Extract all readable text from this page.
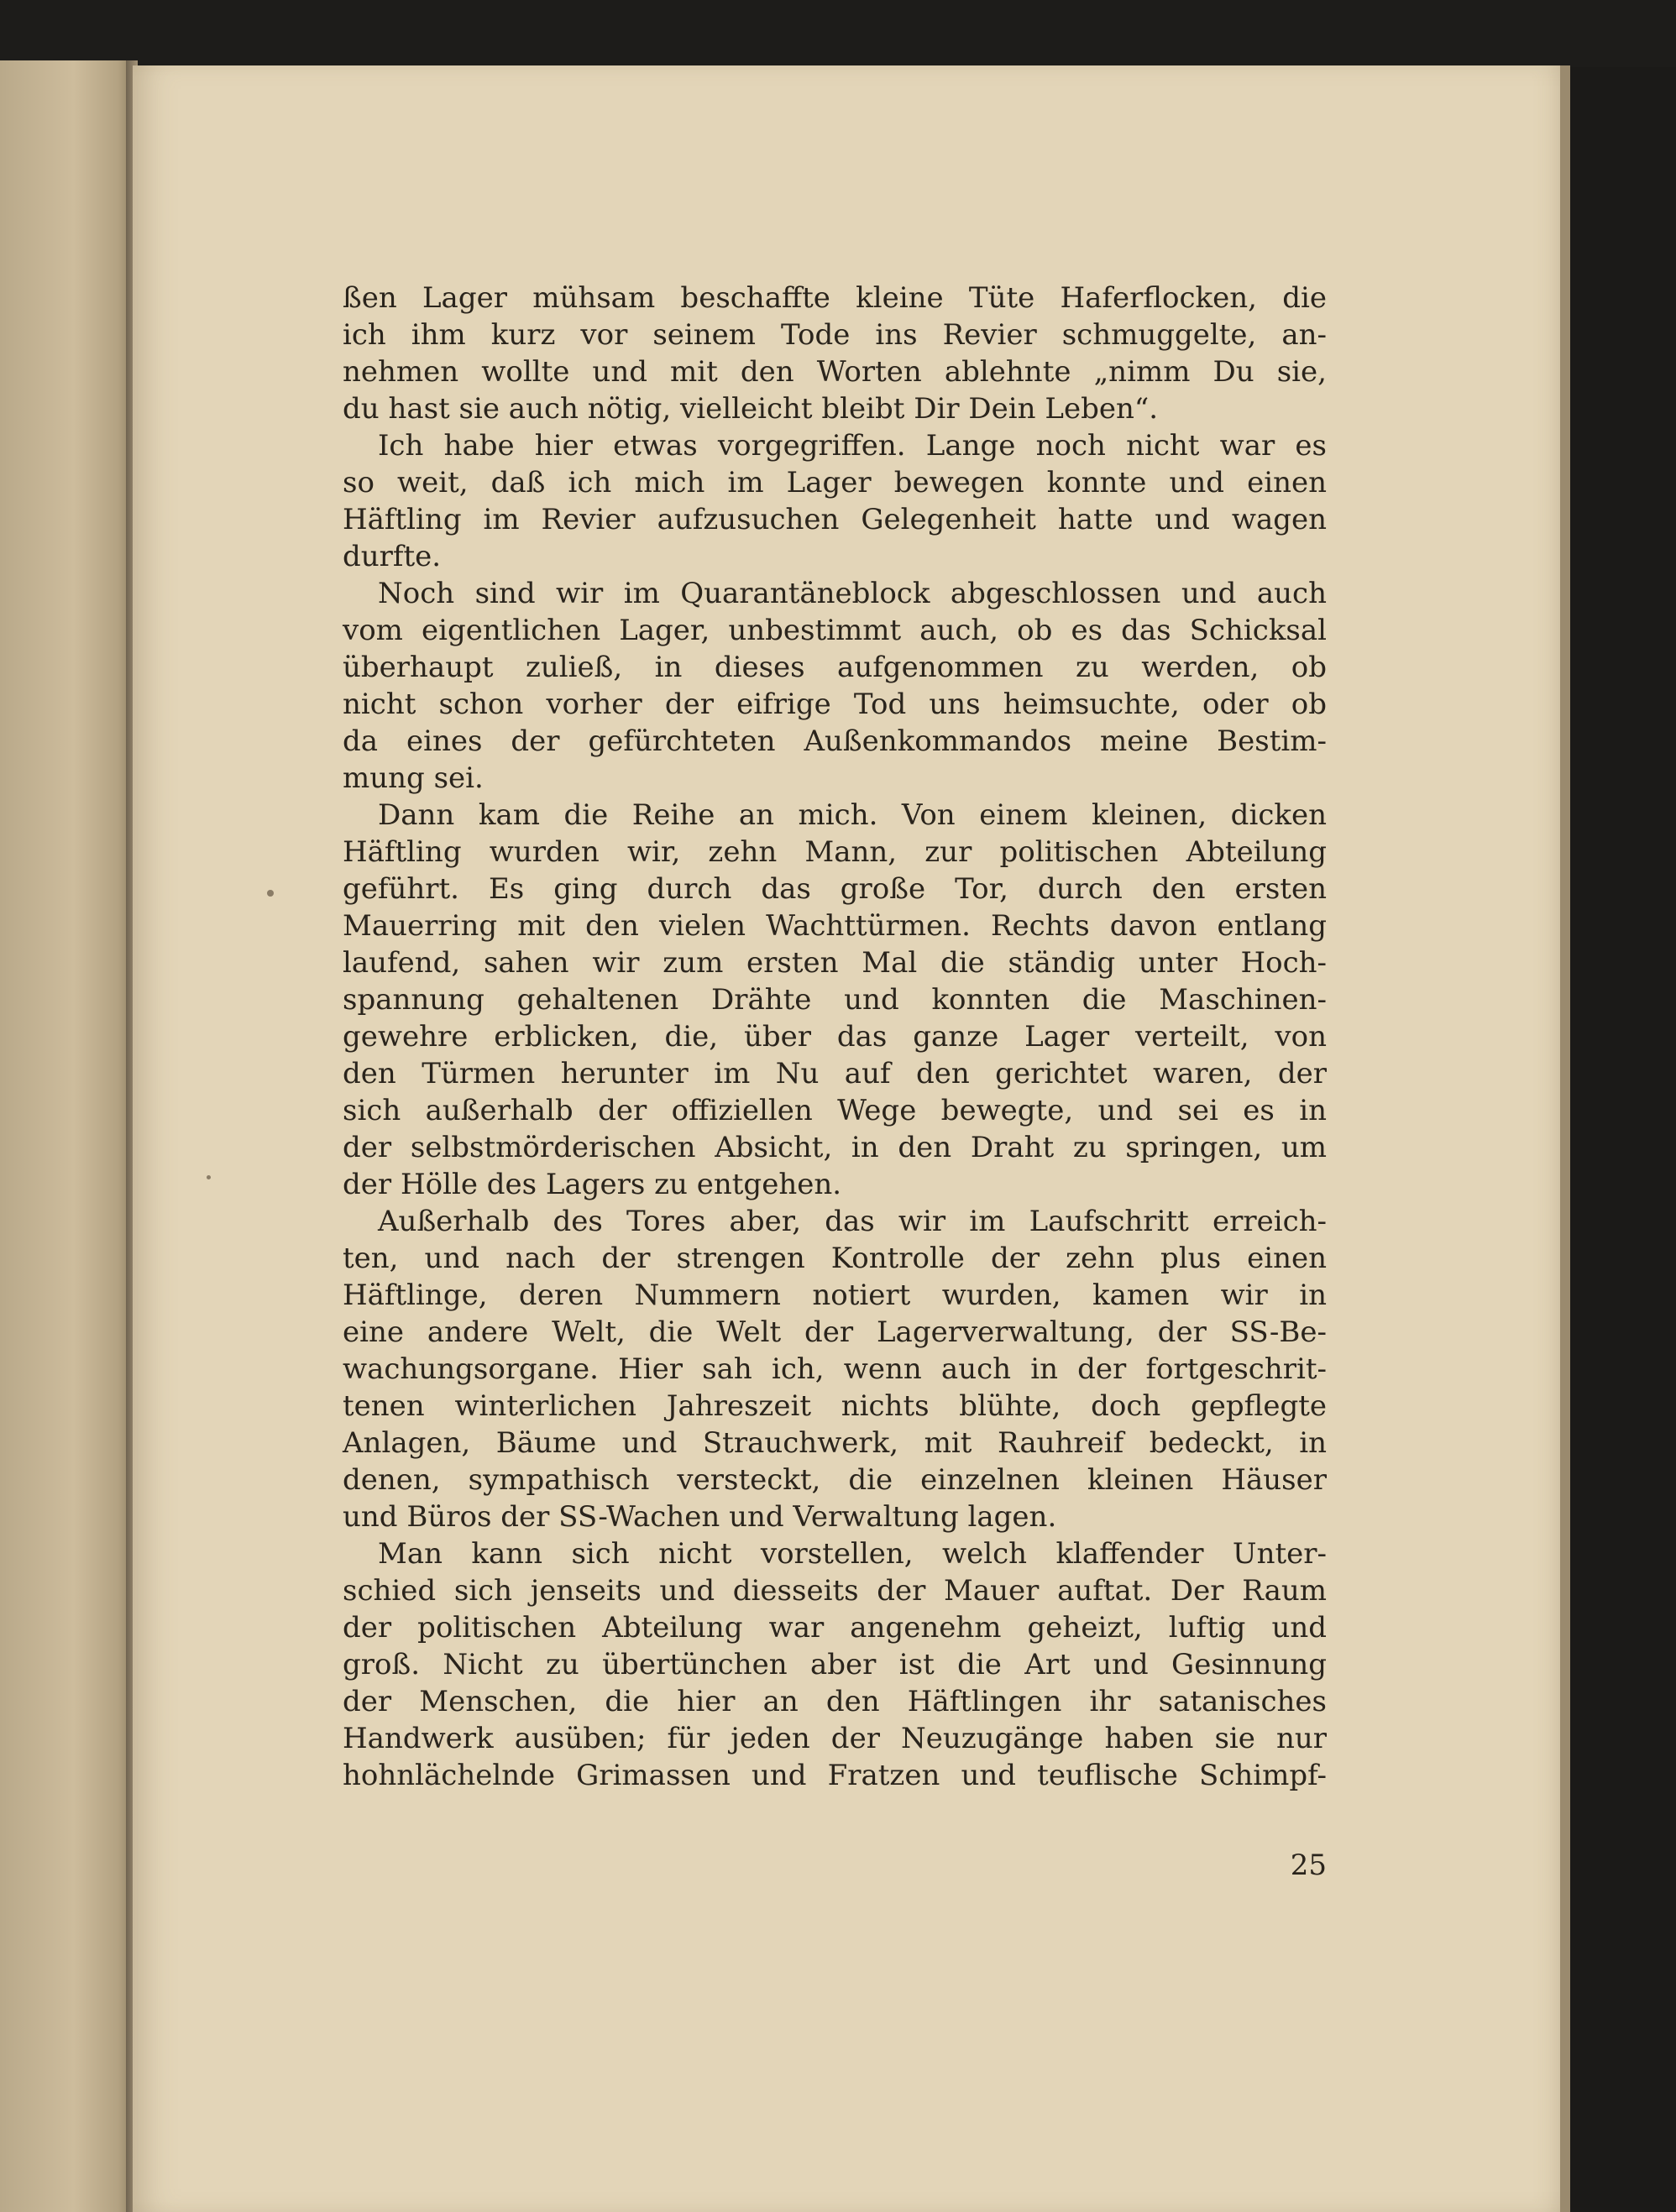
ßen Lager mühsam beschaffte kleine Tüte Haferflocken, die
ich ihm kurz vor seinem Tode ins Revier schmuggelte, an-
nehmen wollte und mit den Worten ablehnte „nimm Du sie,
du hast sie auch nötig, vielleicht bleibt Dir Dein Leben“.
Ich habe hier etwas vorgegriffen. Lange noch nicht war es
so weit, daß ich mich im Lager bewegen konnte und einen
Häftling im Revier aufzusuchen Gelegenheit hatte und wagen
durfte.
Noch sind wir im Quarantäneblock abgeschlossen und auch
vom eigentlichen Lager, unbestimmt auch, ob es das Schicksal
überhaupt zuließ, in dieses aufgenommen zu werden, ob
nicht schon vorher der eifrige Tod uns heimsuchte, oder ob
da eines der gefürchteten Außenkommandos meine Bestim-
mung sei.
Dann kam die Reihe an mich. Von einem kleinen, dicken
Häftling wurden wir, zehn Mann, zur politischen Abteilung
geführt. Es ging durch das große Tor, durch den ersten
Mauerring mit den vielen Wachttürmen. Rechts davon entlang
laufend, sahen wir zum ersten Mal die ständig unter Hoch-
spannung gehaltenen Drähte und konnten die Maschinen-
gewehre erblicken, die, über das ganze Lager verteilt, von
den Türmen herunter im Nu auf den gerichtet waren, der
sich außerhalb der offiziellen Wege bewegte, und sei es in
der selbstmörderischen Absicht, in den Draht zu springen, um
der Hölle des Lagers zu entgehen.
Außerhalb des Tores aber, das wir im Laufschritt erreich-
ten, und nach der strengen Kontrolle der zehn plus einen
Häftlinge, deren Nummern notiert wurden, kamen wir in
eine andere Welt, die Welt der Lagerverwaltung, der SS-Be-
wachungsorgane. Hier sah ich, wenn auch in der fortgeschrit-
tenen winterlichen Jahreszeit nichts blühte, doch gepflegte
Anlagen, Bäume und Strauchwerk, mit Rauhreif bedeckt, in
denen, sympathisch versteckt, die einzelnen kleinen Häuser
und Büros der SS-Wachen und Verwaltung lagen.
Man kann sich nicht vorstellen, welch klaffender Unter-
schied sich jenseits und diesseits der Mauer auftat. Der Raum
der politischen Abteilung war angenehm geheizt, luftig und
groß. Nicht zu übertünchen aber ist die Art und Gesinnung
der Menschen, die hier an den Häftlingen ihr satanisches
Handwerk ausüben; für jeden der Neuzugänge haben sie nur
hohnlächelnde Grimassen und Fratzen und teuflische Schimpf-
25
